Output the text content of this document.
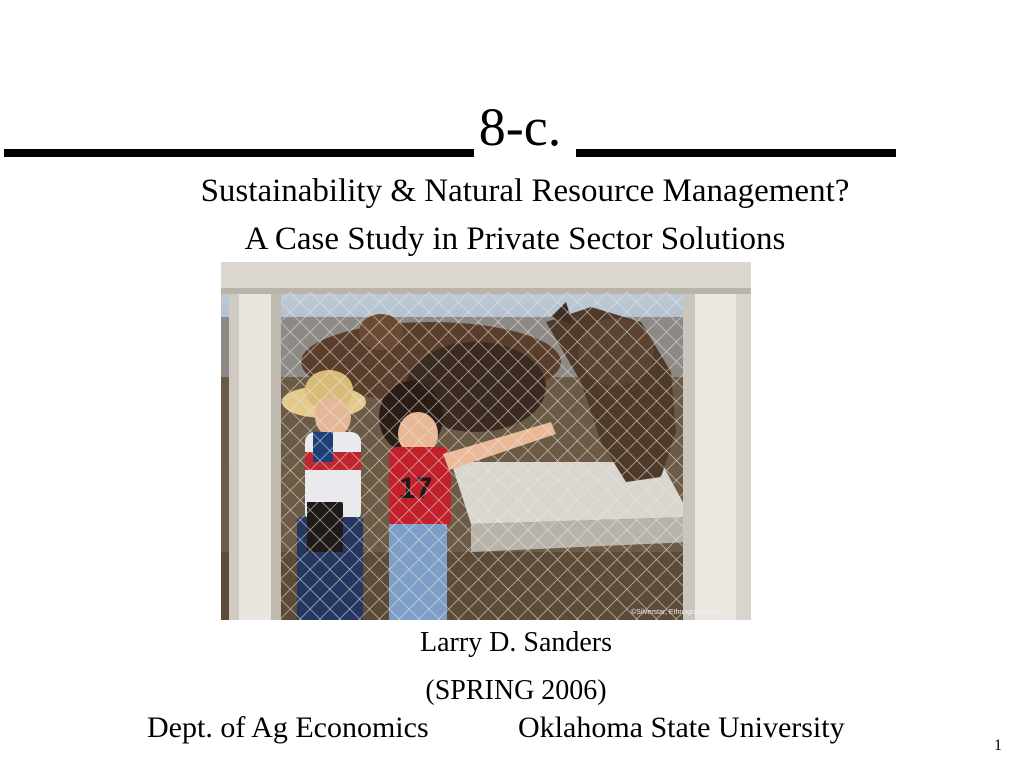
8-c.
Sustainability & Natural Resource Management?
A Case Study in Private Sector Solutions
©Silverstar, Ethnographics®
Larry D. Sanders
(SPRING 2006)
Dept. of Ag Economics	Oklahoma State University
1
